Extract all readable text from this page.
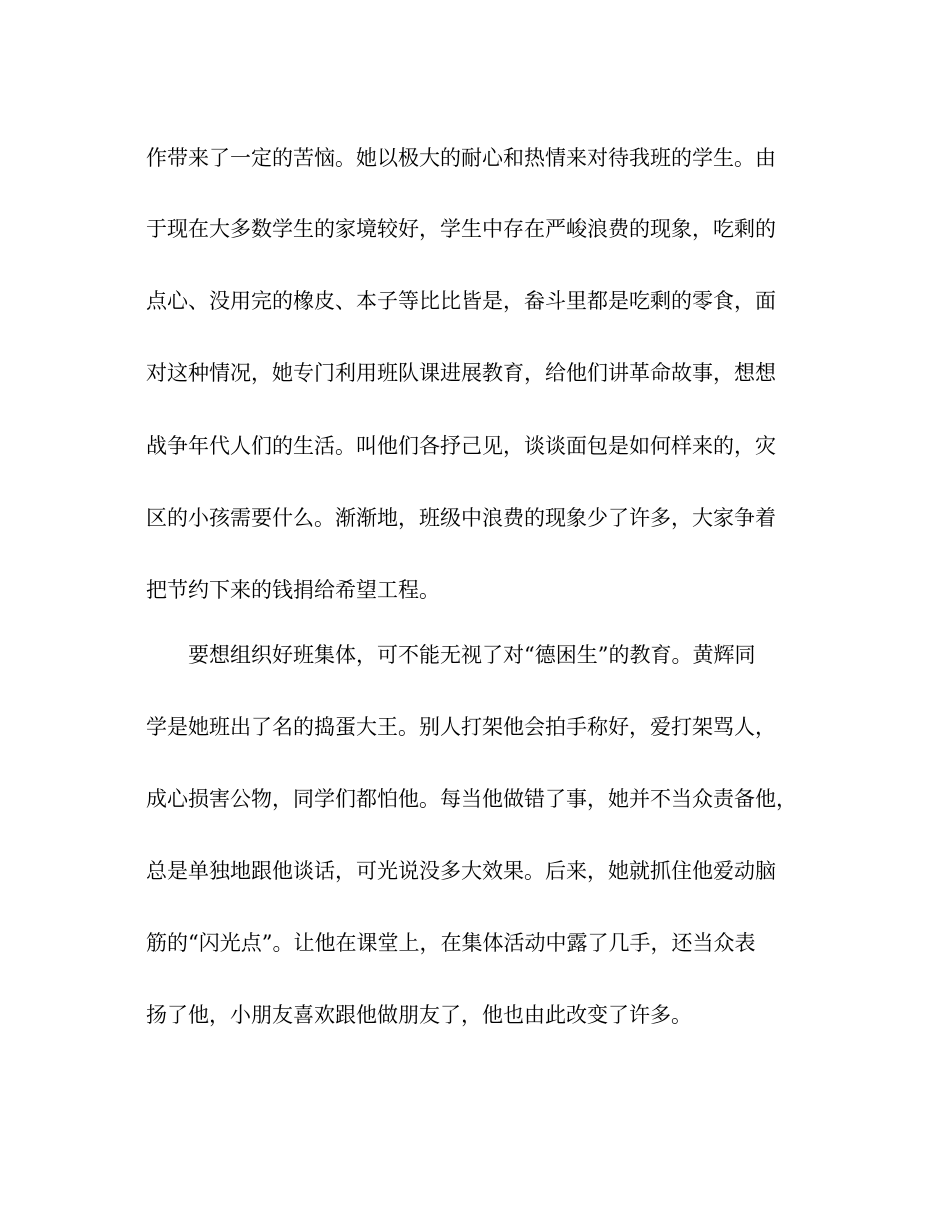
作带来了一定的苦恼。她以极大的耐心和热情来对待我班的学生。由
于现在大多数学生的家境较好，学生中存在严峻浪费的现象，吃剩的
点心、没用完的橡皮、本子等比比皆是，畚斗里都是吃剩的零食，面
对这种情况，她专门利用班队课进展教育，给他们讲革命故事，想想
战争年代人们的生活。叫他们各抒己见，谈谈面包是如何样来的，灾
区的小孩需要什么。渐渐地，班级中浪费的现象少了许多，大家争着
把节约下来的钱捐给希望工程。
要想组织好班集体，可不能无视了对“德困生”的教育。黄辉同
学是她班出了名的捣蛋大王。别人打架他会拍手称好，爱打架骂人，
成心损害公物，同学们都怕他。每当他做错了事，她并不当众责备他，
总是单独地跟他谈话，可光说没多大效果。后来，她就抓住他爱动脑
筋的“闪光点”。让他在课堂上，在集体活动中露了几手，还当众表
扬了他，小朋友喜欢跟他做朋友了，他也由此改变了许多。
